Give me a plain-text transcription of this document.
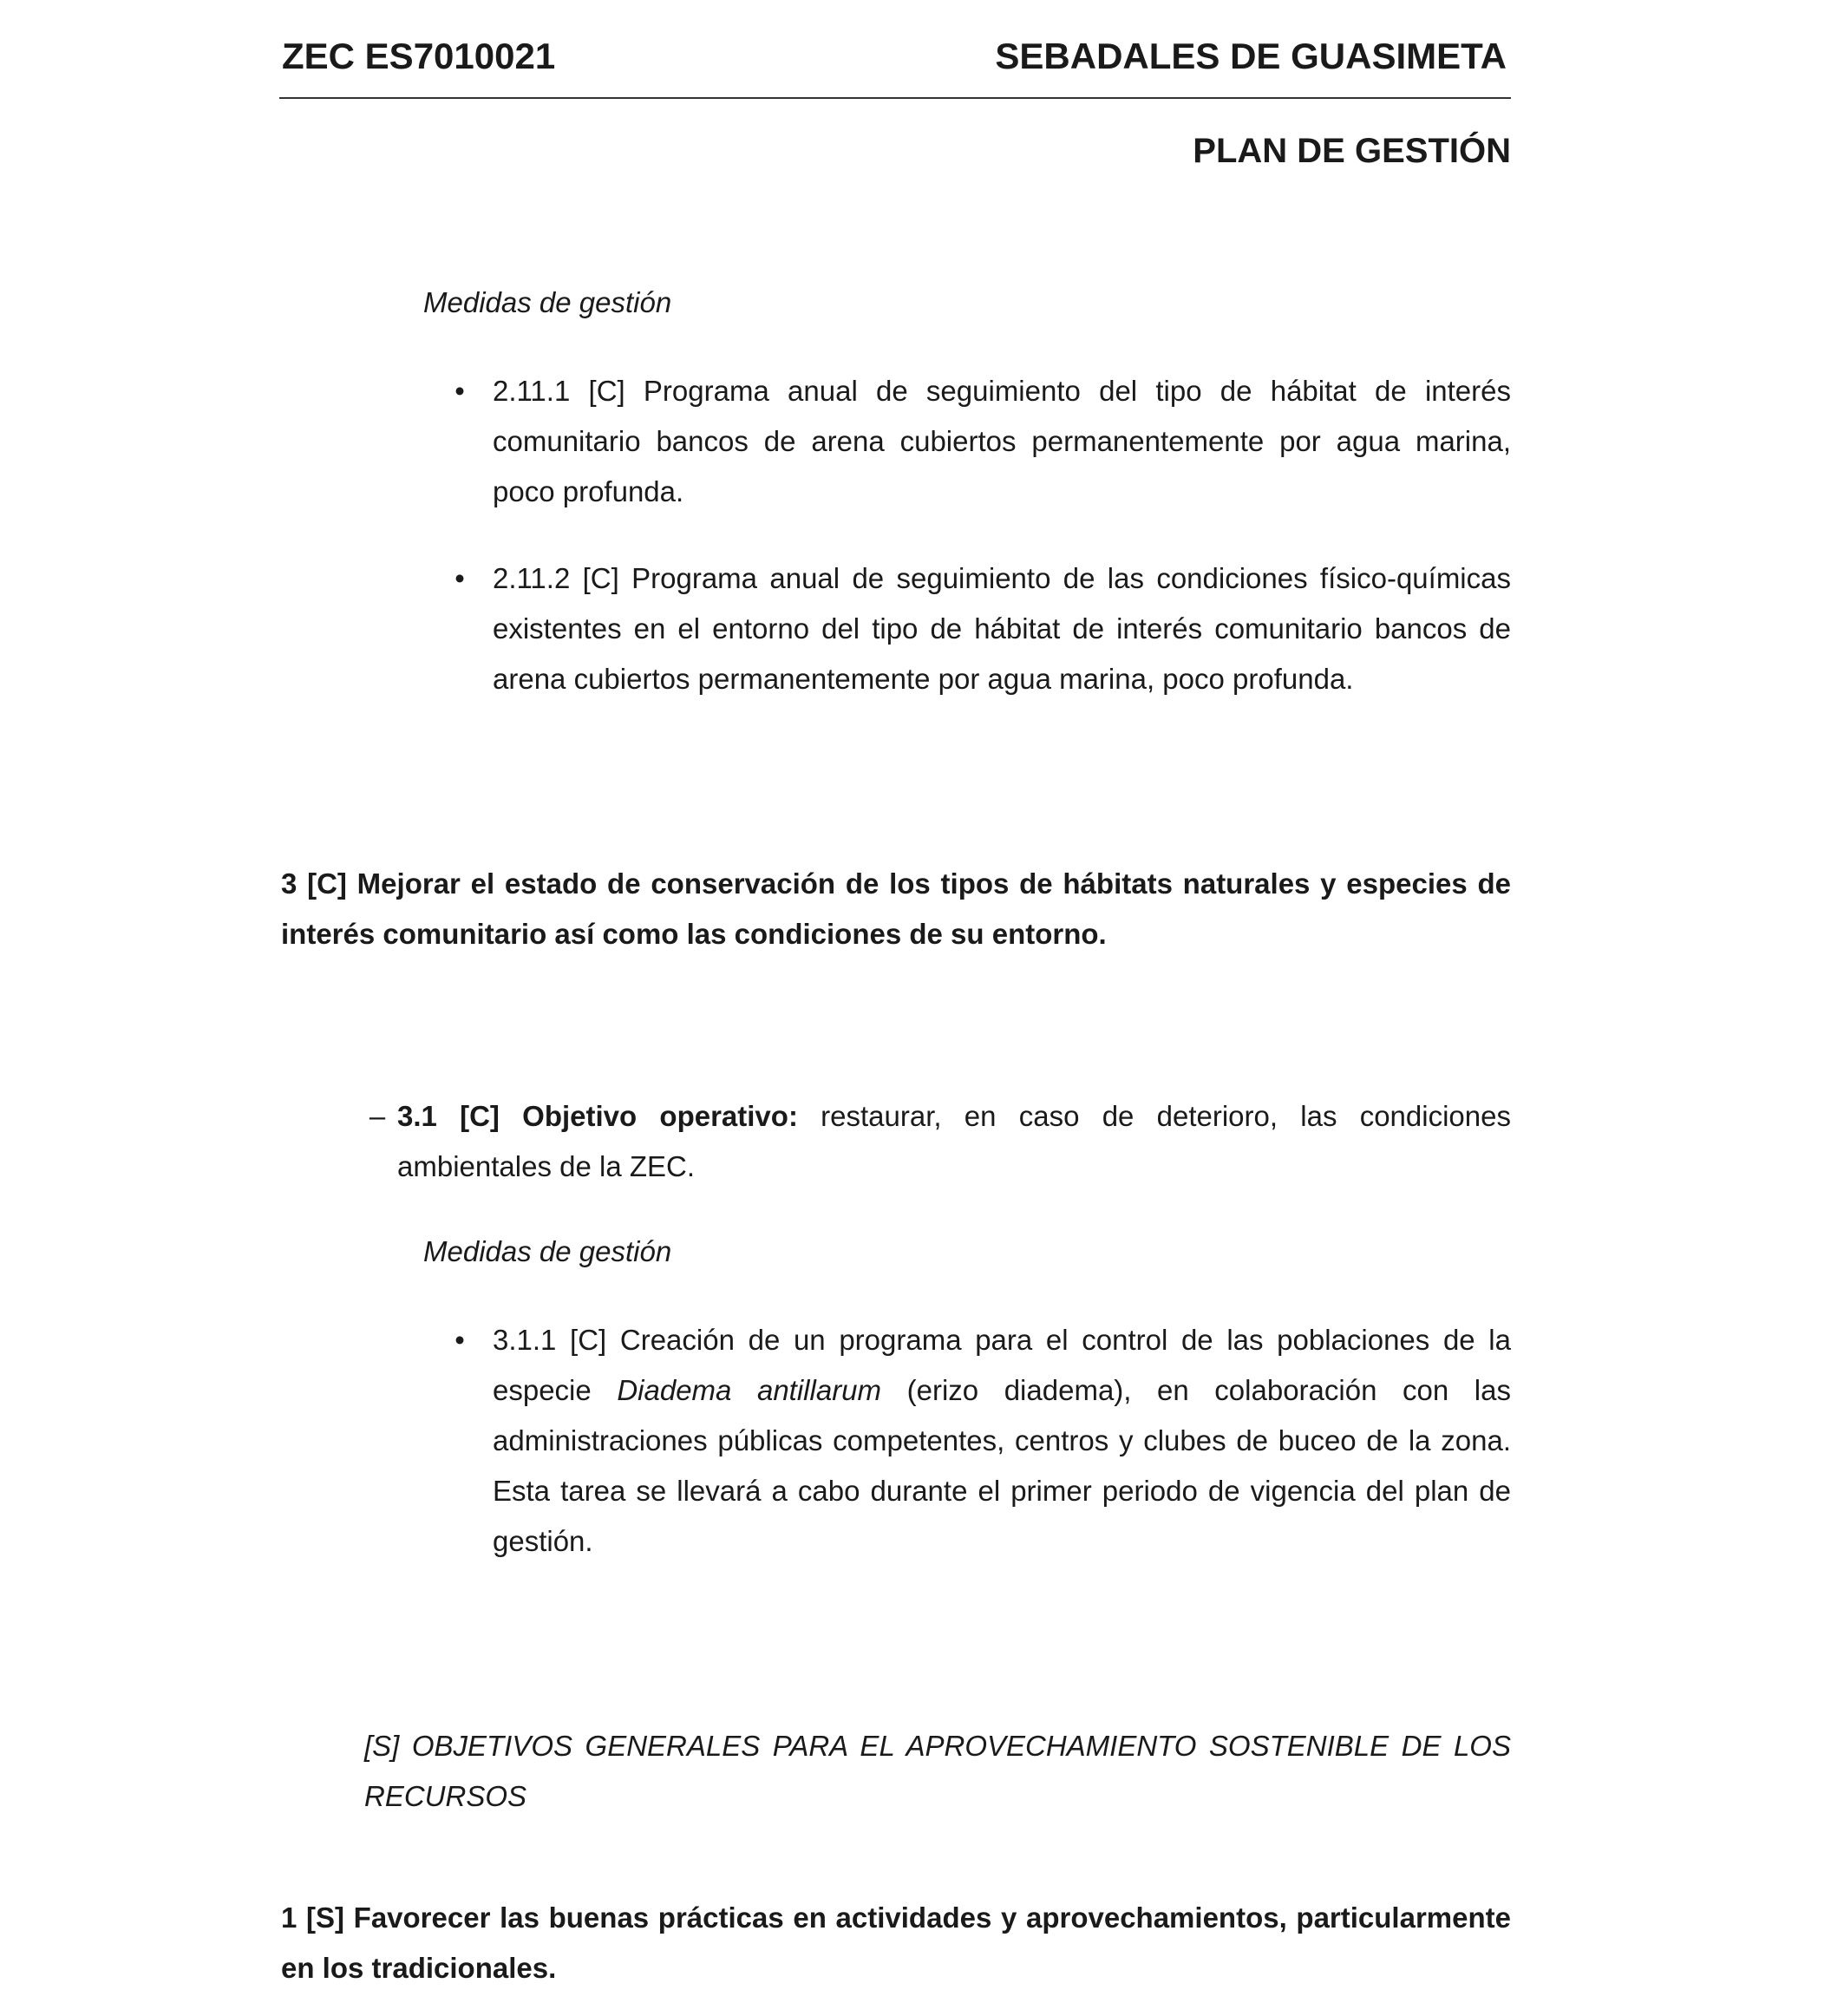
ZEC ES7010021	SEBADALES DE GUASIMETA
PLAN DE GESTIÓN
Medidas de gestión
• 2.11.1 [C] Programa anual de seguimiento del tipo de hábitat de interés comunitario bancos de arena cubiertos permanentemente por agua marina, poco profunda.
• 2.11.2 [C] Programa anual de seguimiento de las condiciones físico-químicas existentes en el entorno del tipo de hábitat de interés comunitario bancos de arena cubiertos permanentemente por agua marina, poco profunda.
3 [C] Mejorar el estado de conservación de los tipos de hábitats naturales y especies de interés comunitario así como las condiciones de su entorno.
– 3.1 [C] Objetivo operativo: restaurar, en caso de deterioro, las condiciones ambientales de la ZEC.
Medidas de gestión
• 3.1.1 [C] Creación de un programa para el control de las poblaciones de la especie Diadema antillarum (erizo diadema), en colaboración con las administraciones públicas competentes, centros y clubes de buceo de la zona. Esta tarea se llevará a cabo durante el primer periodo de vigencia del plan de gestión.
[S] OBJETIVOS GENERALES PARA EL APROVECHAMIENTO SOSTENIBLE DE LOS RECURSOS
1 [S] Favorecer las buenas prácticas en actividades y aprovechamientos, particularmente en los tradicionales.
